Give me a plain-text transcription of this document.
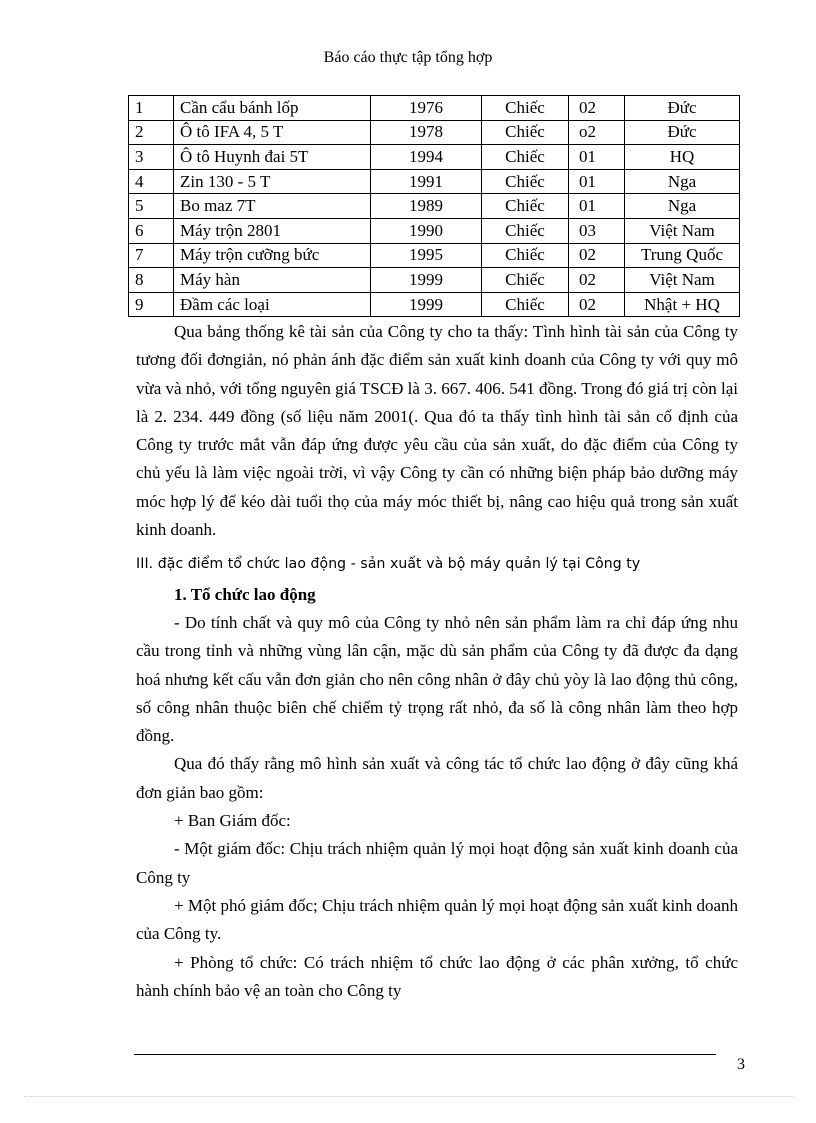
Báo cáo thực tập tổng hợp
1	Cần cẩu bánh lốp	1976	Chiếc	02	Đức
2	Ô tô IFA 4, 5 T	1978	Chiếc	o2	Đức
3	Ô tô Huynh đai 5T	1994	Chiếc	01	HQ
4	Zin 130 - 5 T	1991	Chiếc	01	Nga
5	Bo maz 7T	1989	Chiếc	01	Nga
6	Máy trộn 2801	1990	Chiếc	03	Việt Nam
7	Máy trộn cưỡng bức	1995	Chiếc	02	Trung Quốc
8	Máy hàn	1999	Chiếc	02	Việt Nam
9	Đầm các loại	1999	Chiếc	02	Nhật + HQ

Qua bảng thống kê tài sản của Công ty cho ta thấy: Tình hình tài sản của Công ty tương đối đơngiản, nó phản ánh đặc điểm sản xuất kinh doanh của Công ty với quy mô vừa và nhỏ, với tổng nguyên giá TSCĐ là 3. 667. 406. 541 đồng. Trong đó giá trị còn lại là 2. 234. 449 đồng (số liệu năm 2001(. Qua đó ta thấy tình hình tài sản cố định của Công ty trước mắt vẫn đáp ứng được yêu cầu của sản xuất, do đặc điểm của Công ty chủ yếu là làm việc ngoài trời, vì vậy Công ty cần có những biện pháp bảo dưỡng máy móc hợp lý để kéo dài tuổi thọ của máy móc thiết bị, nâng cao hiệu quả trong sản xuất kinh doanh.

III. đặc điểm tổ chức lao động - sản xuất và bộ máy quản lý tại Công ty

1. Tổ chức lao động

- Do tính chất và quy mô của Công ty nhỏ nên sản phẩm làm ra chỉ đáp ứng nhu cầu trong tỉnh và những vùng lân cận, mặc dù sản phẩm của Công ty đã được đa dạng hoá nhưng kết cấu vẫn đơn giản cho nên công nhân ở đây chủ yòy là lao động thủ công, số công nhân thuộc biên chế chiếm tỷ trọng rất nhỏ, đa số là công nhân làm theo hợp đồng.

Qua đó thấy rằng mô hình sản xuất và công tác tổ chức lao động ở đây cũng khá đơn giản bao gồm:

+ Ban Giám đốc:

- Một giám đốc: Chịu trách nhiệm quản lý mọi hoạt động sản xuất kinh doanh của Công ty

+ Một phó giám đốc; Chịu trách nhiệm quản lý mọi hoạt động sản xuất kinh doanh của Công ty.

+ Phòng tổ chức: Có trách nhiệm tổ chức lao động ở các phân xưởng, tổ chức hành chính bảo vệ an toàn cho Công ty

3
